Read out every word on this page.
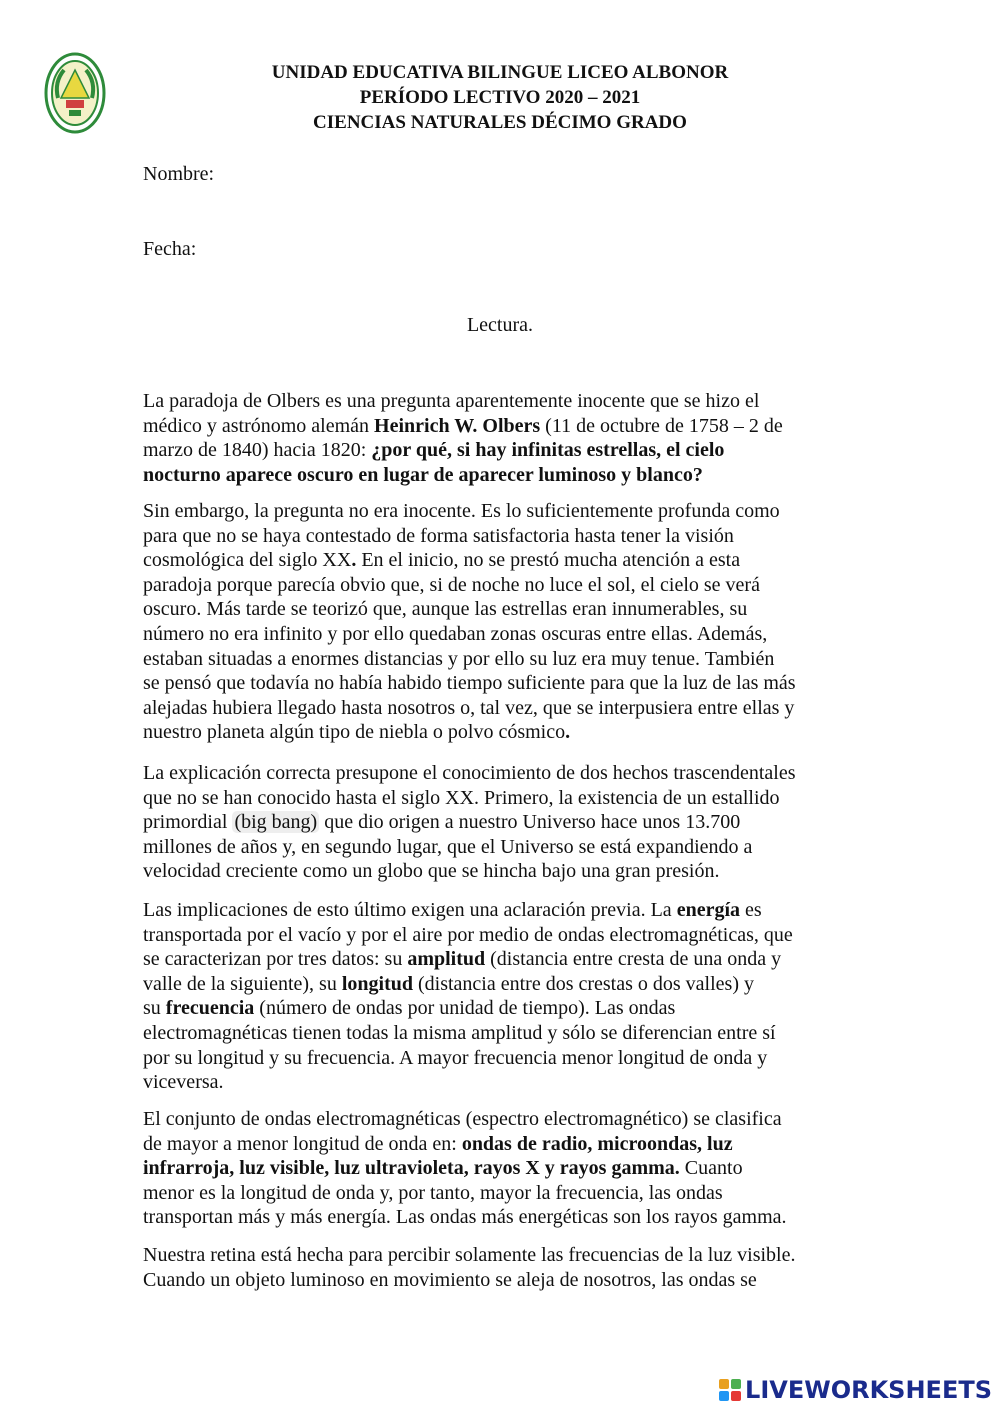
UNIDAD EDUCATIVA BILINGUE LICEO ALBONOR
PERÍODO LECTIVO 2020 – 2021
CIENCIAS NATURALES DÉCIMO GRADO
Nombre:
Fecha:
Lectura.
La paradoja de Olbers es una pregunta aparentemente inocente que se hizo el
médico y astrónomo alemán Heinrich W. Olbers (11 de octubre de 1758 – 2 de
marzo de 1840) hacia 1820: ¿por qué, si hay infinitas estrellas, el cielo
nocturno aparece oscuro en lugar de aparecer luminoso y blanco?
Sin embargo, la pregunta no era inocente. Es lo suficientemente profunda como
para que no se haya contestado de forma satisfactoria hasta tener la visión
cosmológica del siglo XX. En el inicio, no se prestó mucha atención a esta
paradoja porque parecía obvio que, si de noche no luce el sol, el cielo se verá
oscuro. Más tarde se teorizó que, aunque las estrellas eran innumerables, su
número no era infinito y por ello quedaban zonas oscuras entre ellas. Además,
estaban situadas a enormes distancias y por ello su luz era muy tenue. También
se pensó que todavía no había habido tiempo suficiente para que la luz de las más
alejadas hubiera llegado hasta nosotros o, tal vez, que se interpusiera entre ellas y
nuestro planeta algún tipo de niebla o polvo cósmico.
La explicación correcta presupone el conocimiento de dos hechos trascendentales
que no se han conocido hasta el siglo XX. Primero, la existencia de un estallido
primordial (big bang) que dio origen a nuestro Universo hace unos 13.700
millones de años y, en segundo lugar, que el Universo se está expandiendo a
velocidad creciente como un globo que se hincha bajo una gran presión.
Las implicaciones de esto último exigen una aclaración previa. La energía es
transportada por el vacío y por el aire por medio de ondas electromagnéticas, que
se caracterizan por tres datos: su amplitud (distancia entre cresta de una onda y
valle de la siguiente), su longitud (distancia entre dos crestas o dos valles) y
su frecuencia (número de ondas por unidad de tiempo). Las ondas
electromagnéticas tienen todas la misma amplitud y sólo se diferencian entre sí
por su longitud y su frecuencia. A mayor frecuencia menor longitud de onda y
viceversa.
El conjunto de ondas electromagnéticas (espectro electromagnético) se clasifica
de mayor a menor longitud de onda en: ondas de radio, microondas, luz
infrarroja, luz visible, luz ultravioleta, rayos X y rayos gamma. Cuanto
menor es la longitud de onda y, por tanto, mayor la frecuencia, las ondas
transportan más y más energía. Las ondas más energéticas son los rayos gamma.
Nuestra retina está hecha para percibir solamente las frecuencias de la luz visible.
Cuando un objeto luminoso en movimiento se aleja de nosotros, las ondas se
LIVEWORKSHEETS
